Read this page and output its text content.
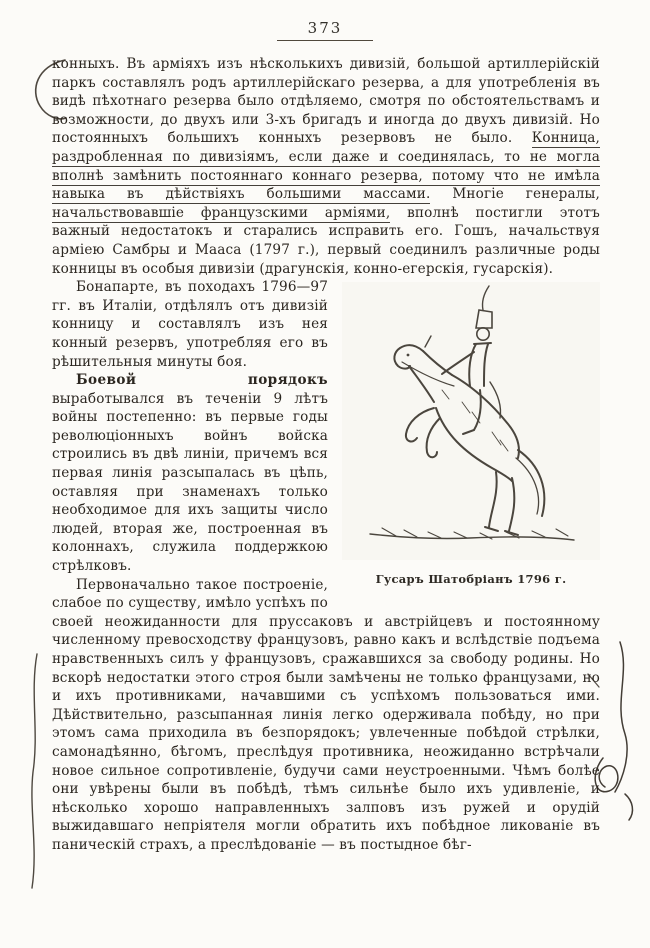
373

конныхъ. Въ арміяхъ изъ нѣсколькихъ дивизій, большой артиллерійскій паркъ составлялъ родъ артиллерійскаго резерва, а для употребленія въ видѣ пѣхотнаго резерва было отдѣляемо, смотря по обстоятельствамъ и возможности, до двухъ или 3-хъ бригадъ и иногда до двухъ дивизій. Но постоянныхъ большихъ конныхъ резервовъ не было. Конница, раздробленная по дивизіямъ, если даже и соединялась, то не могла вполнѣ замѣнить постояннаго коннаго резерва, потому что не имѣла навыка въ дѣйствіяхъ большими массами. Многіе генералы, начальствовавшіе французскими арміями, вполнѣ постигли этотъ важный недостатокъ и старались исправить его. Гошъ, начальствуя арміею Самбры и Мааса (1797 г.), первый соединилъ различные роды конницы въ особыя дивизіи (драгунскія, конно-егерскія, гусарскія).

Гусаръ Шатобріанъ 1796 г.

Бонапарте, въ походахъ 1796—97 гг. въ Италіи, отдѣлялъ отъ дивизій конницу и составлялъ изъ нея конный резервъ, употребляя его въ рѣшительныя минуты боя.

Боевой порядокъ выработывался въ теченіи 9 лѣтъ войны постепенно: въ первые годы революціонныхъ войнъ войска строились въ двѣ линіи, причемъ вся первая линія разсыпалась въ цѣпь, оставляя при знаменахъ только необходимое для ихъ защиты число людей, вторая же, построенная въ колоннахъ, служила поддержкою стрѣлковъ.

Первоначально такое построеніе, слабое по существу, имѣло успѣхъ по своей неожиданности для пруссаковъ и австрійцевъ и постоянному численному превосходству французовъ, равно какъ и вслѣдствіе подъема нравственныхъ силъ у французовъ, сражавшихся за свободу родины. Но вскорѣ недостатки этого строя были замѣчены не только французами, но и ихъ противниками, начавшими съ успѣхомъ пользоваться ими. Дѣйствительно, разсыпанная линія легко одерживала побѣду, но при этомъ сама приходила въ безпорядокъ; увлеченные побѣдой стрѣлки, самонадѣянно, бѣгомъ, преслѣдуя противника, неожиданно встрѣчали новое сильное сопротивленіе, будучи сами неустроенными. Чѣмъ болѣе они увѣрены были въ побѣдѣ, тѣмъ сильнѣе было ихъ удивленіе, и нѣсколько хорошо направленныхъ залповъ изъ ружей и орудій выжидавшаго непріятеля могли обратить ихъ побѣдное ликованіе въ паническій страхъ, а преслѣдованіе — въ постыдное бѣг-
